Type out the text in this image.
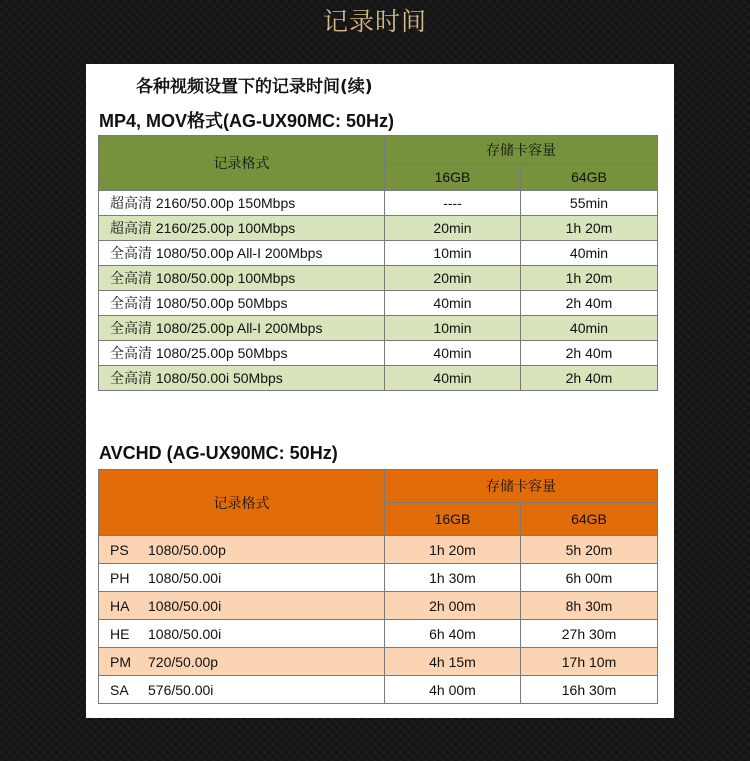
记录时间
各种视频设置下的记录时间(续)
MP4, MOV格式(AG-UX90MC: 50Hz)
记录格式	存储卡容量	
	16GB	64GB
超高清 2160/50.00p 150Mbps	----	55min
超高清 2160/25.00p 100Mbps	20min	1h 20m
全高清 1080/50.00p All-I 200Mbps	10min	40min
全高清 1080/50.00p 100Mbps	20min	1h 20m
全高清 1080/50.00p 50Mbps	40min	2h 40m
全高清 1080/25.00p All-I 200Mbps	10min	40min
全高清 1080/25.00p 50Mbps	40min	2h 40m
全高清 1080/50.00i 50Mbps	40min	2h 40m
AVCHD (AG-UX90MC: 50Hz)
记录格式	存储卡容量	
	16GB	64GB
PS 1080/50.00p	1h 20m	5h 20m
PH 1080/50.00i	1h 30m	6h 00m
HA 1080/50.00i	2h 00m	8h 30m
HE 1080/50.00i	6h 40m	27h 30m
PM 720/50.00p	4h 15m	17h 10m
SA 576/50.00i	4h 00m	16h 30m
